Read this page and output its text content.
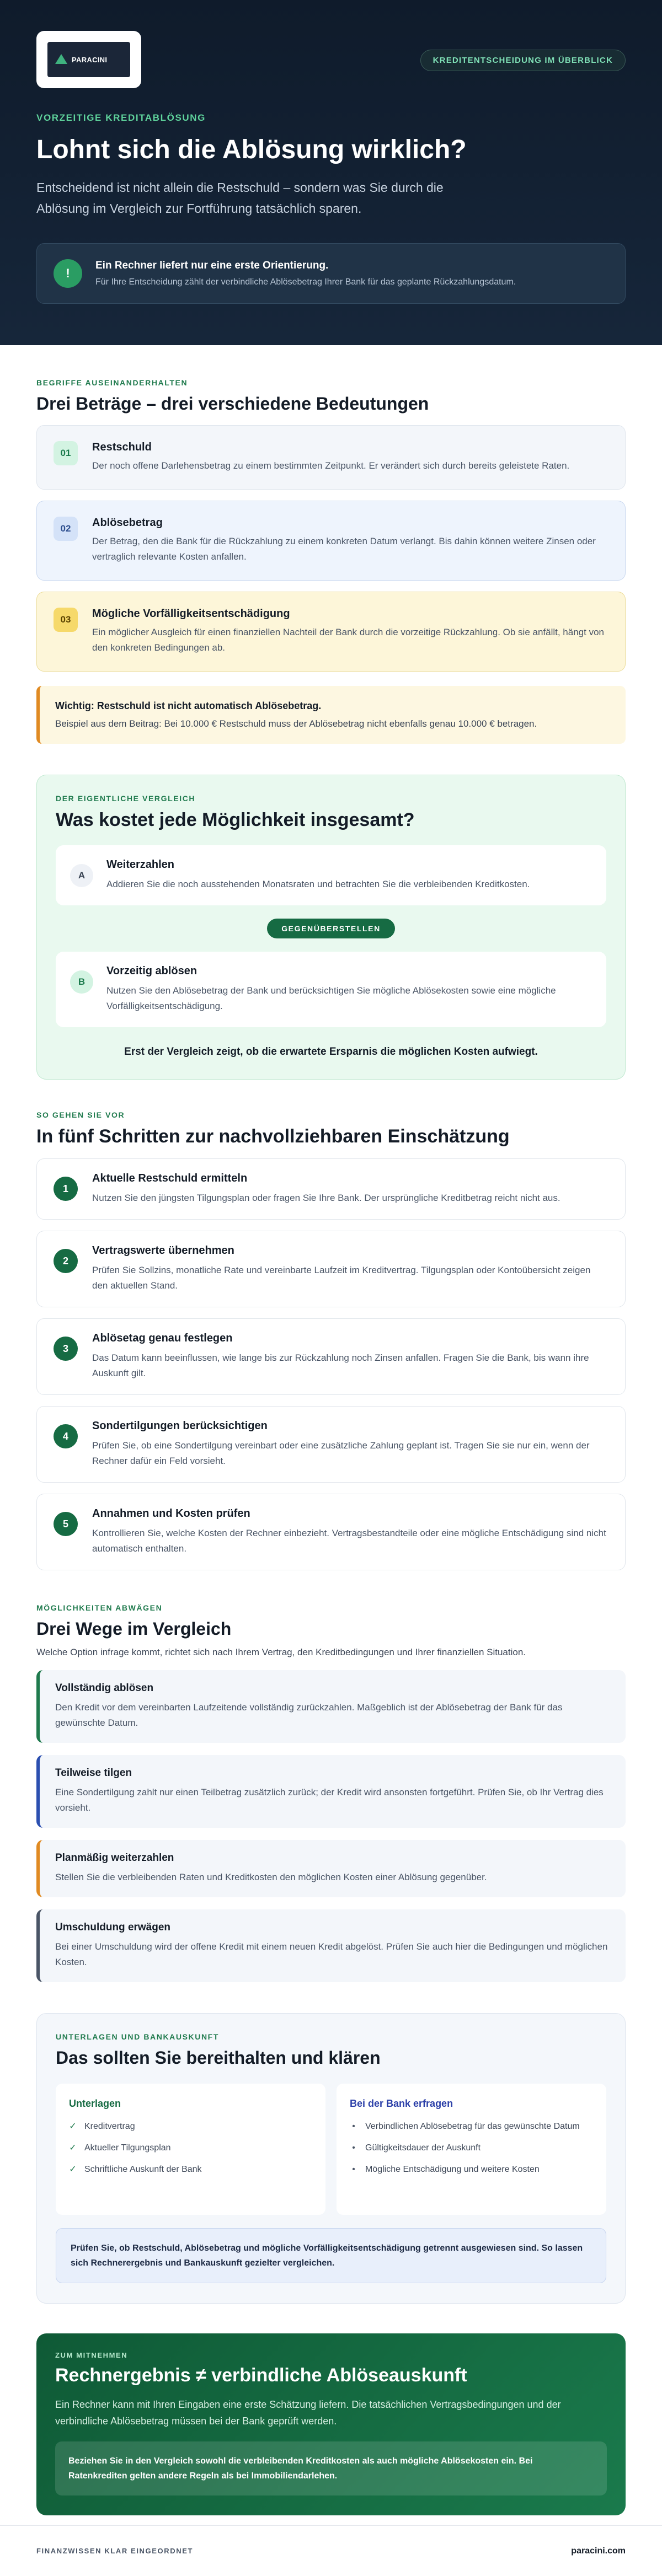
PARACINI	KREDITENTSCHEIDUNG IM ÜBERBLICK
VORZEITIGE KREDITABLÖSUNG
Lohnt sich die Ablösung wirklich?

Entscheidend ist nicht allein die Restschuld – sondern was Sie durch die Ablösung im Vergleich zur Fortführung tatsächlich sparen.

!
Ein Rechner liefert nur eine erste Orientierung.
Für Ihre Entscheidung zählt der verbindliche Ablösebetrag Ihrer Bank für das geplante Rückzahlungsdatum.
BEGRIFFE AUSEINANDERHALTEN
Drei Beträge – drei verschiedene Bedeutungen
01	Restschuld
Der noch offene Darlehensbetrag zu einem bestimmten Zeitpunkt. Er verändert sich durch bereits geleistete Raten.
02	Ablösebetrag
Der Betrag, den die Bank für die Rückzahlung zu einem konkreten Datum verlangt. Bis dahin können weitere Zinsen oder vertraglich relevante Kosten anfallen.
03	Mögliche Vorfälligkeitsentschädigung
Ein möglicher Ausgleich für einen finanziellen Nachteil der Bank durch die vorzeitige Rückzahlung. Ob sie anfällt, hängt von den konkreten Bedingungen ab.
Wichtig: Restschuld ist nicht automatisch Ablösebetrag.
Beispiel aus dem Beitrag: Bei 10.000 € Restschuld muss der Ablösebetrag nicht ebenfalls genau 10.000 € betragen.
DER EIGENTLICHE VERGLEICH
Was kostet jede Möglichkeit insgesamt?
A
Weiterzahlen
Addieren Sie die noch ausstehenden Monatsraten und betrachten Sie die verbleibenden Kreditkosten.
GEGENÜBERSTELLEN
B
Vorzeitig ablösen
Nutzen Sie den Ablösebetrag der Bank und berücksichtigen Sie mögliche Ablösekosten sowie eine mögliche Vorfälligkeitsentschädigung.
Erst der Vergleich zeigt, ob die erwartete Ersparnis die möglichen Kosten aufwiegt.
SO GEHEN SIE VOR
In fünf Schritten zur nachvollziehbaren Einschätzung
1
Aktuelle Restschuld ermitteln
Nutzen Sie den jüngsten Tilgungsplan oder fragen Sie Ihre Bank. Der ursprüngliche Kreditbetrag reicht nicht aus.
2
Vertragswerte übernehmen
Prüfen Sie Sollzins, monatliche Rate und vereinbarte Laufzeit im Kreditvertrag. Tilgungsplan oder Kontoübersicht zeigen den aktuellen Stand.
3
Ablösetag genau festlegen
Das Datum kann beeinflussen, wie lange bis zur Rückzahlung noch Zinsen anfallen. Fragen Sie die Bank, bis wann ihre Auskunft gilt.
4
Sondertilgungen berücksichtigen
Prüfen Sie, ob eine Sondertilgung vereinbart oder eine zusätzliche Zahlung geplant ist. Tragen Sie sie nur ein, wenn der Rechner dafür ein Feld vorsieht.
5
Annahmen und Kosten prüfen
Kontrollieren Sie, welche Kosten der Rechner einbezieht. Vertragsbestandteile oder eine mögliche Entschädigung sind nicht automatisch enthalten.
MÖGLICHKEITEN ABWÄGEN
Drei Wege im Vergleich

Welche Option infrage kommt, richtet sich nach Ihrem Vertrag, den Kreditbedingungen und Ihrer finanziellen Situation.

Vollständig ablösen
Den Kredit vor dem vereinbarten Laufzeitende vollständig zurückzahlen. Maßgeblich ist der Ablösebetrag der Bank für das gewünschte Datum.
Teilweise tilgen
Eine Sondertilgung zahlt nur einen Teilbetrag zusätzlich zurück; der Kredit wird ansonsten fortgeführt. Prüfen Sie, ob Ihr Vertrag dies vorsieht.
Planmäßig weiterzahlen
Stellen Sie die verbleibenden Raten und Kreditkosten den möglichen Kosten einer Ablösung gegenüber.
Umschuldung erwägen
Bei einer Umschuldung wird der offene Kredit mit einem neuen Kredit abgelöst. Prüfen Sie auch hier die Bedingungen und möglichen Kosten.
UNTERLAGEN UND BANKAUSKUNFT
Das sollten Sie bereithalten und klären
Unterlagen
✓ Kreditvertrag
✓ Aktueller Tilgungsplan
✓ Schriftliche Auskunft der Bank
Bei der Bank erfragen
• Verbindlichen Ablösebetrag für das gewünschte Datum
• Gültigkeitsdauer der Auskunft
• Mögliche Entschädigung und weitere Kosten
Prüfen Sie, ob Restschuld, Ablösebetrag und mögliche Vorfälligkeitsentschädigung getrennt ausgewiesen sind. So lassen sich Rechnerergebnis und Bankauskunft gezielter vergleichen.
ZUM MITNEHMEN
Rechnergebnis ≠ verbindliche Ablöseauskunft

Ein Rechner kann mit Ihren Eingaben eine erste Schätzung liefern. Die tatsächlichen Vertragsbedingungen und der verbindliche Ablösebetrag müssen bei der Bank geprüft werden.

Beziehen Sie in den Vergleich sowohl die verbleibenden Kreditkosten als auch mögliche Ablösekosten ein. Bei Ratenkrediten gelten andere Regeln als bei Immobiliendarlehen.
FINANZWISSEN KLAR EINGEORDNET	paracini.com
